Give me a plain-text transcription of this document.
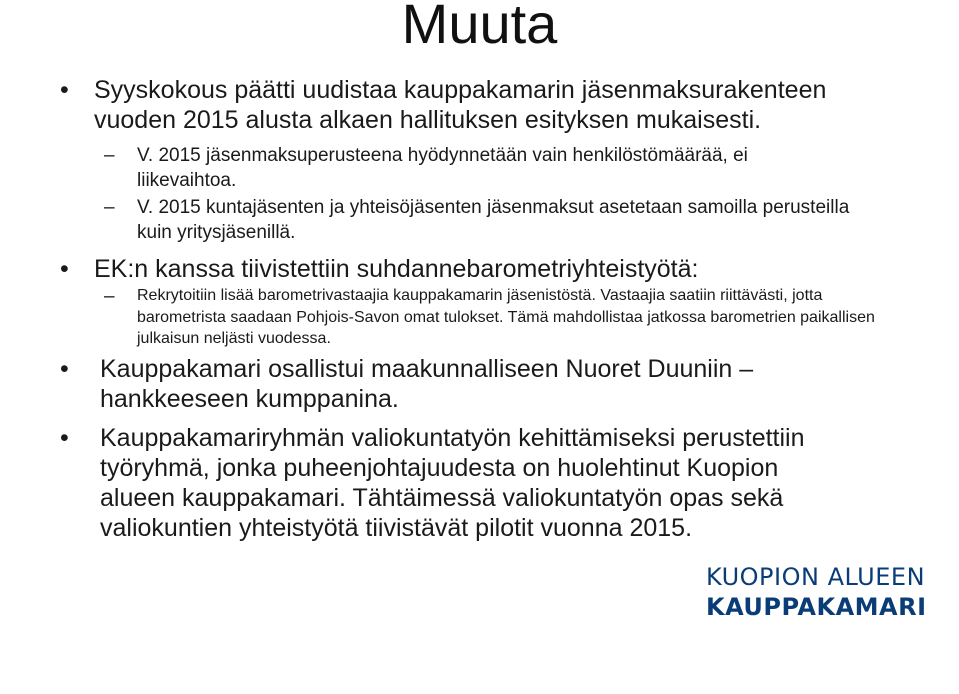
Muuta
• Syyskokous päätti uudistaa kauppakamarin jäsenmaksurakenteen vuoden 2015 alusta alkaen hallituksen esityksen mukaisesti.
– V. 2015 jäsenmaksuperusteena hyödynnetään vain henkilöstömäärää, ei liikevaihtoa.
– V. 2015 kuntajäsenten ja yhteisöjäsenten jäsenmaksut asetetaan samoilla perusteilla kuin yritysjäsenillä.
• EK:n kanssa tiivistettiin suhdannebarometriyhteistyötä:
– Rekrytoitiin lisää barometrivastaajia kauppakamarin jäsenistöstä. Vastaajia saatiin riittävästi, jotta barometrista saadaan Pohjois-Savon omat tulokset. Tämä mahdollistaa jatkossa barometrien paikallisen julkaisun neljästi vuodessa.
• Kauppakamari osallistui maakunnalliseen Nuoret Duuniin –hankkeeseen kumppanina.
• Kauppakamariryhmän valiokuntatyön kehittämiseksi perustettiin työryhmä, jonka puheenjohtajuudesta on huolehtinut Kuopion alueen kauppakamari. Tähtäimessä valiokuntatyön opas sekä valiokuntien yhteistyötä tiivistävät pilotit vuonna 2015.
KUOPION ALUEEN
KAUPPAKAMARI
